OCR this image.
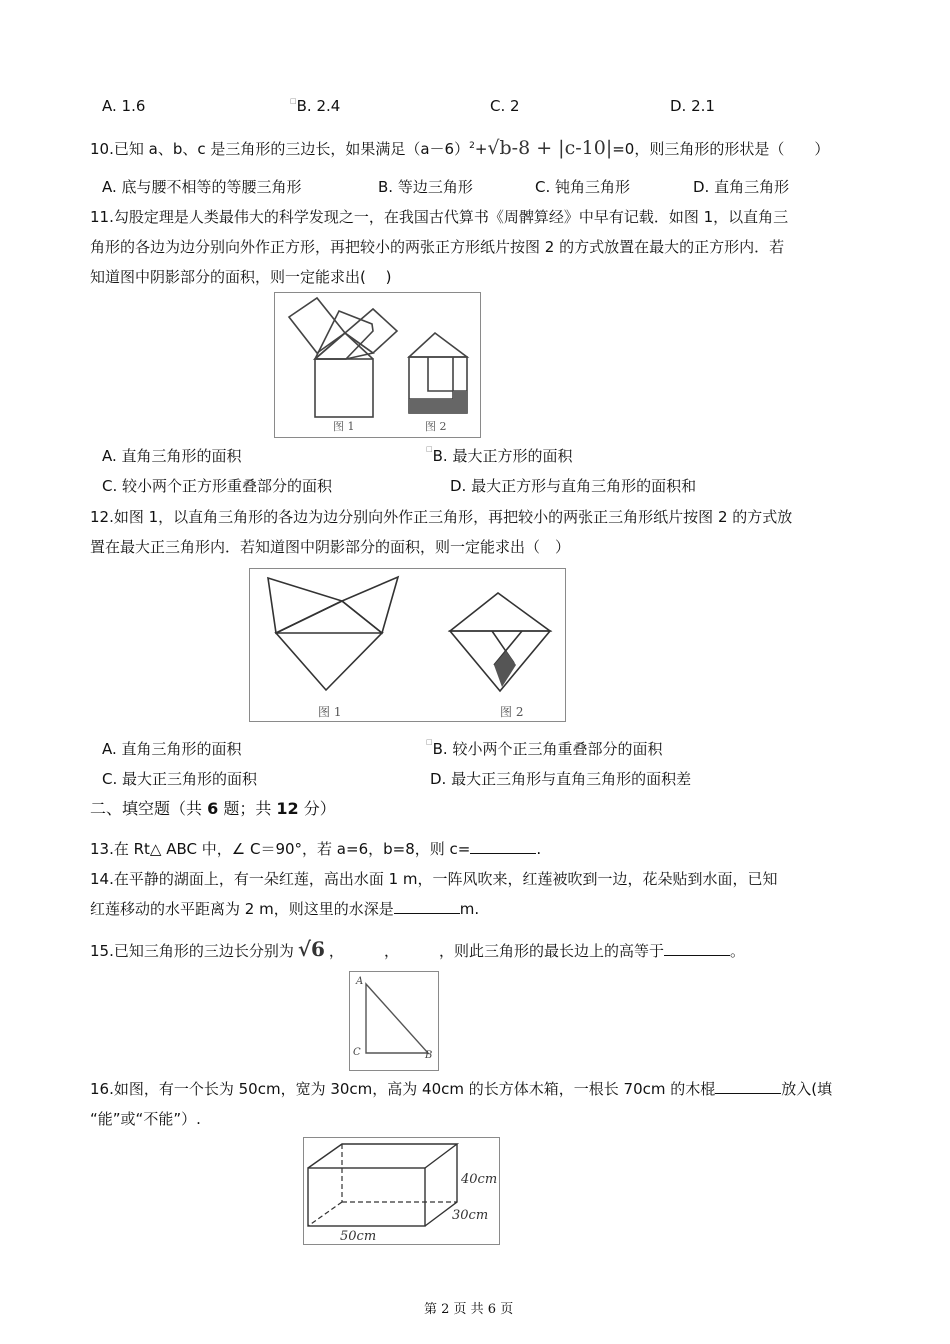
A. 1.6	□B. 2.4	C. 2	D. 2.1
10.已知 a、b、c 是三角形的三边长，如果满足$(a-6)^2+√b-8 + |c-10|=0$，则三角形的形状是（　　）
A. 底与腰不相等的等腰三角形	B. 等边三角形	C. 钝角三角形	D. 直角三角形
11.勾股定理是人类最伟大的科学发现之一，在我国古代算书《周髀算经》中早有记载．如图 1，以直角三
角形的各边为边分别向外作正方形，再把较小的两张正方形纸片按图 2 的方式放置在最大的正方形内．若
知道图中阴影部分的面积，则一定能求出(　 )
图 1	图 2
A. 直角三角形的面积	□B. 最大正方形的面积
C. 较小两个正方形重叠部分的面积	D. 最大正方形与直角三角形的面积和
12.如图 1，以直角三角形的各边为边分别向外作正三角形，再把较小的两张正三角形纸片按图 2 的方式放
置在最大正三角形内．若知道图中阴影部分的面积，则一定能求出（　）
图 1	图 2
A. 直角三角形的面积	□B. 较小两个正三角重叠部分的面积
C. 最大正三角形的面积	D. 最大正三角形与直角三角形的面积差
二、填空题（共 6 题；共 12 分）
13.在 Rt△ ABC 中，∠ C＝90°，若 a=6，b=8，则 c=	.
14.在平静的湖面上，有一朵红莲，高出水面 1 m，一阵风吹来，红莲被吹到一边，花朵贴到水面，已知
红莲移动的水平距离为 2 m，则这里的水深是	m.
15.已知三角形的三边长分别为 √6 ，	，	，则此三角形的最长边上的高等于	。
A
C	B
16.如图，有一个长为 50cm，宽为 30cm，高为 40cm 的长方体木箱，一根长 70cm 的木棍	放入(填
“能”或“不能”）.
40cm
30cm
50cm
第 2 页 共 6 页
